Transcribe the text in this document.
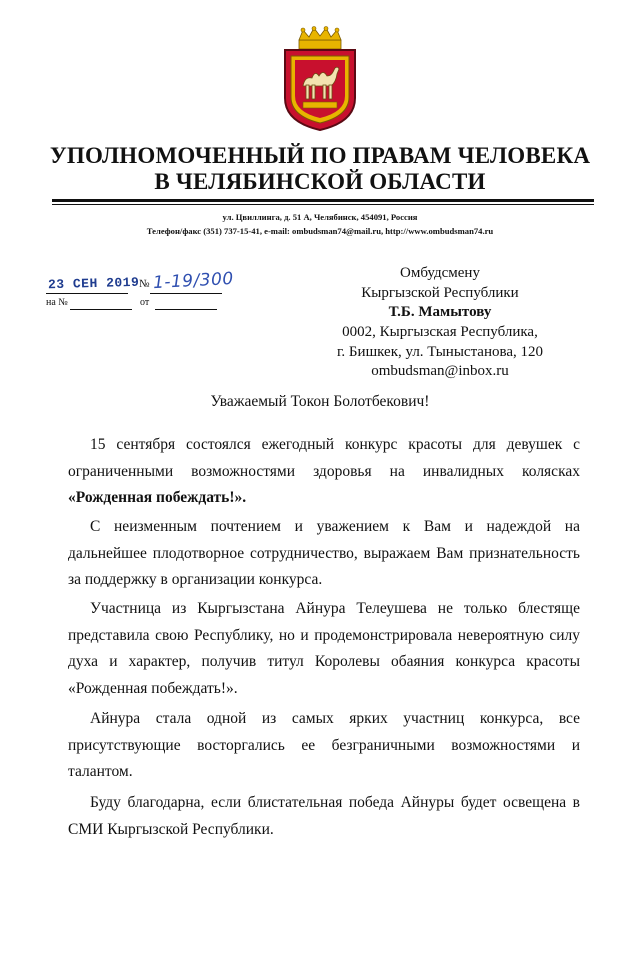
УПОЛНОМОЧЕННЫЙ ПО ПРАВАМ ЧЕЛОВЕКА
В ЧЕЛЯБИНСКОЙ ОБЛАСТИ
ул. Цвиллинга, д. 51 А, Челябинск, 454091, Россия
Телефон/факс (351) 737-15-41, e-mail: ombudsman74@mail.ru, http://www.ombudsman74.ru
23 СЕН 2019 № 1-19/300
на №	от

Омбудсмену

Кыргызской Республики

Т.Б. Мамытову

0002, Кыргызская Республика,

г. Бишкек, ул. Тыныстанова, 120

ombudsman@inbox.ru

Уважаемый Токон Болотбекович!

15 сентября состоялся ежегодный конкурс красоты для девушек с
ограниченными возможностями здоровья на инвалидных колясках
«Рожденная побеждать!».
С неизменным почтением и уважением к Вам и надеждой на
дальнейшее плодотворное сотрудничество, выражаем Вам признательность
за поддержку в организации конкурса.
Участница из Кыргызстана Айнура Телеушева не только блестяще
представила свою Республику, но и продемонстрировала невероятную силу
духа и характер, получив титул Королевы обаяния конкурса красоты
«Рожденная побеждать!».
Айнура стала одной из самых ярких участниц конкурса, все
присутствующие восторгались ее безграничными возможностями и
талантом.
Буду благодарна, если блистательная победа Айнуры будет освещена в
СМИ Кыргызской Республики.
